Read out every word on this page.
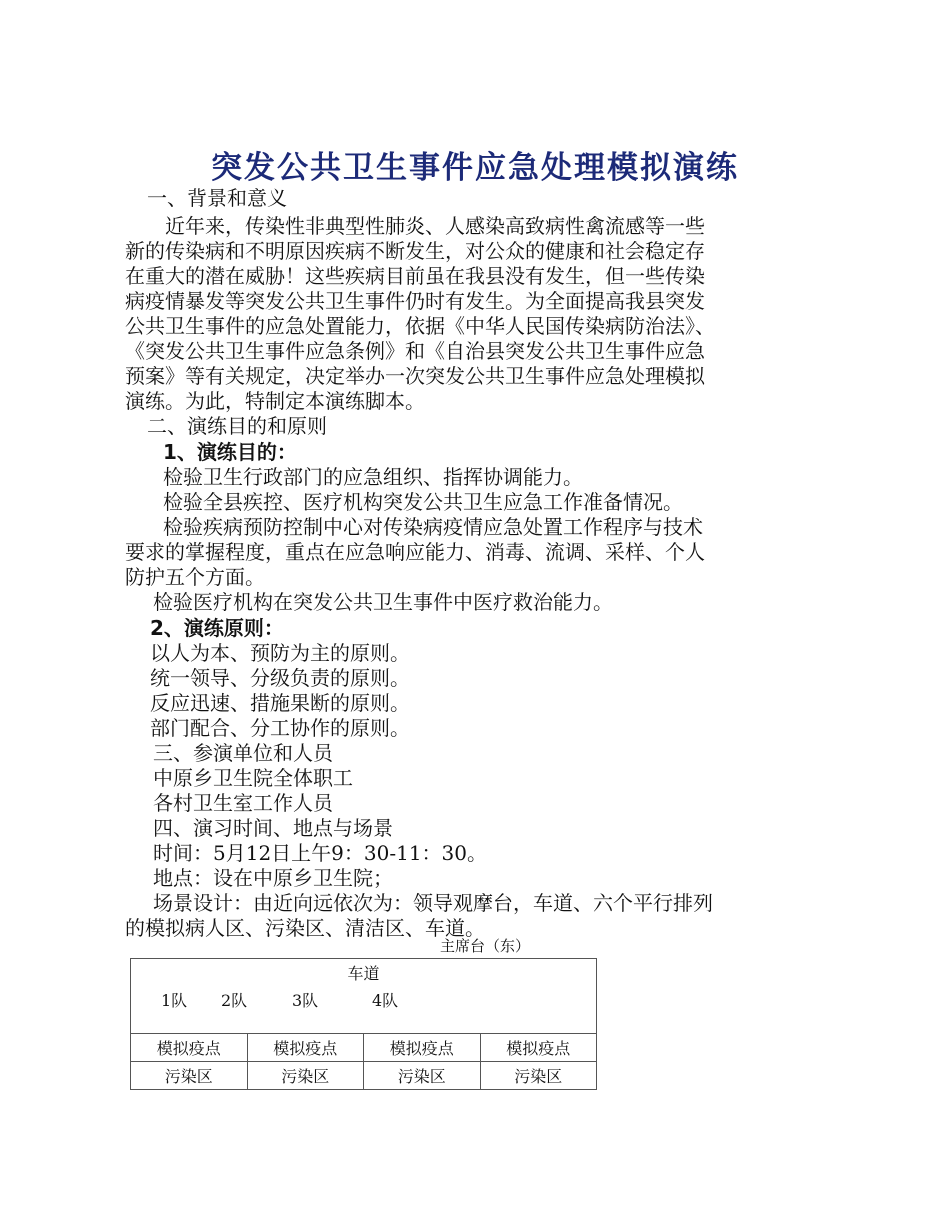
突发公共卫生事件应急处理模拟演练
一、背景和意义
近年来，传染性非典型性肺炎、人感染高致病性禽流感等一些
新的传染病和不明原因疾病不断发生，对公众的健康和社会稳定存
在重大的潜在威胁！这些疾病目前虽在我县没有发生，但一些传染
病疫情暴发等突发公共卫生事件仍时有发生。为全面提高我县突发
公共卫生事件的应急处置能力，依据《中华人民国传染病防治法》、
《突发公共卫生事件应急条例》和《自治县突发公共卫生事件应急
预案》等有关规定，决定举办一次突发公共卫生事件应急处理模拟
演练。为此，特制定本演练脚本。
二、演练目的和原则
1、演练目的：
检验卫生行政部门的应急组织、指挥协调能力。
检验全县疾控、医疗机构突发公共卫生应急工作准备情况。
检验疾病预防控制中心对传染病疫情应急处置工作程序与技术
要求的掌握程度，重点在应急响应能力、消毒、流调、采样、个人
防护五个方面。
检验医疗机构在突发公共卫生事件中医疗救治能力。
2、演练原则：
以人为本、预防为主的原则。
统一领导、分级负责的原则。
反应迅速、措施果断的原则。
部门配合、分工协作的原则。
三、参演单位和人员
中原乡卫生院全体职工
各村卫生室工作人员
四、演习时间、地点与场景
时间：5月12日上午9：30-11：30。
地点：设在中原乡卫生院；
场景设计：由近向远依次为：领导观摩台，车道、六个平行排列
的模拟病人区、污染区、清洁区、车道。
主席台（东）
车道
1队 2队 3队 4队			

模拟疫点	模拟疫点	模拟疫点	模拟疫点
污染区	污染区	污染区	污染区
